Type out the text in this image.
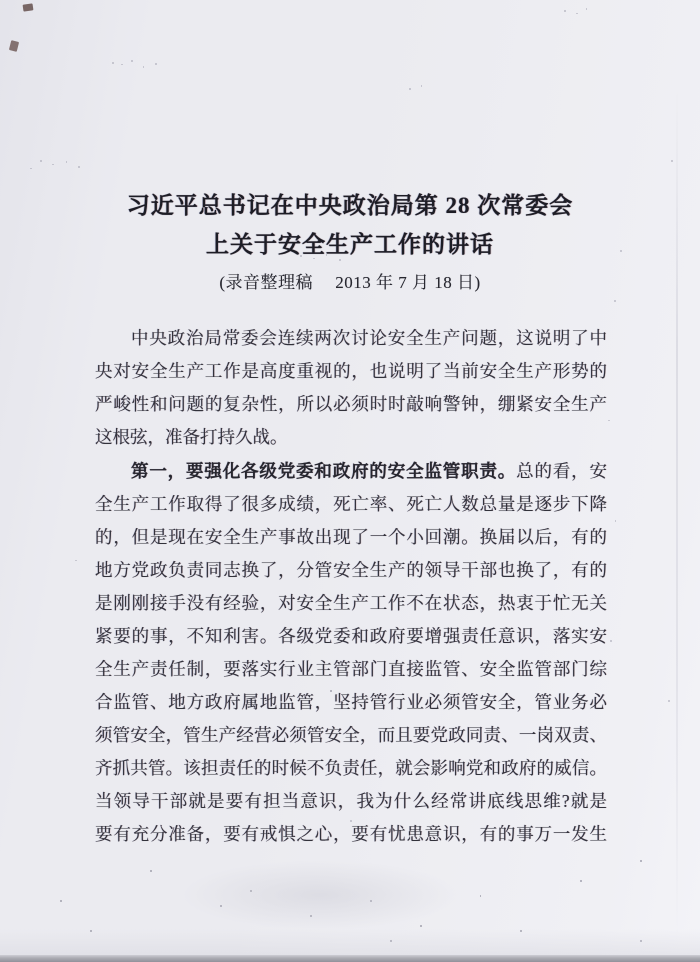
习近平总书记在中央政治局第 28 次常委会
上关于安全生产工作的讲话
(录音整理稿　 2013 年 7 月 18 日)
中央政治局常委会连续两次讨论安全生产问题，这说明了中
央对安全生产工作是高度重视的，也说明了当前安全生产形势的
严峻性和问题的复杂性，所以必须时时敲响警钟，绷紧安全生产
这根弦，准备打持久战。
第一，要强化各级党委和政府的安全监管职责。总的看，安
全生产工作取得了很多成绩，死亡率、死亡人数总量是逐步下降
的，但是现在安全生产事故出现了一个小回潮。换届以后，有的
地方党政负责同志换了，分管安全生产的领导干部也换了，有的
是刚刚接手没有经验，对安全生产工作不在状态，热衷于忙无关
紧要的事，不知利害。各级党委和政府要增强责任意识，落实安
全生产责任制，要落实行业主管部门直接监管、安全监管部门综
合监管、地方政府属地监管，坚持管行业必须管安全，管业务必
须管安全，管生产经营必须管安全，而且要党政同责、一岗双责、
齐抓共管。该担责任的时候不负责任，就会影响党和政府的威信。
当领导干部就是要有担当意识，我为什么经常讲底线思维?就是
要有充分准备，要有戒惧之心，要有忧患意识，有的事万一发生
